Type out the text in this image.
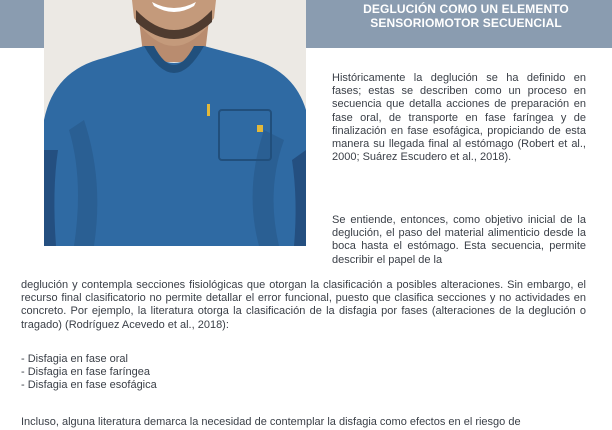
DEGLUCIÓN COMO UN ELEMENTO
SENSORIOMOTOR SECUENCIAL

Históricamente la deglución se ha definido en fases; estas se describen como un proceso en secuencia que detalla acciones de preparación en fase oral, de transporte en fase faríngea y de finalización en fase esofágica, propiciando de esta manera su llegada final al estómago (Robert et al., 2000; Suárez Escudero et al., 2018).

Se entiende, entonces, como objetivo inicial de la deglución, el paso del material alimenticio desde la boca hasta el estómago. Esta secuencia, permite describir el papel de la

deglución y contempla secciones fisiológicas que otorgan la clasificación a posibles alteraciones. Sin embargo, el recurso final clasificatorio no permite detallar el error funcional, puesto que clasifica secciones y no actividades en concreto. Por ejemplo, la literatura otorga la clasificación de la disfagia por fases (alteraciones de la deglución o tragado) (Rodríguez Acevedo et al., 2018):

- Disfagia en fase oral
- Disfagia en fase faríngea
- Disfagia en fase esofágica

Incluso, alguna literatura demarca la necesidad de contemplar la disfagia como efectos en el riesgo de
